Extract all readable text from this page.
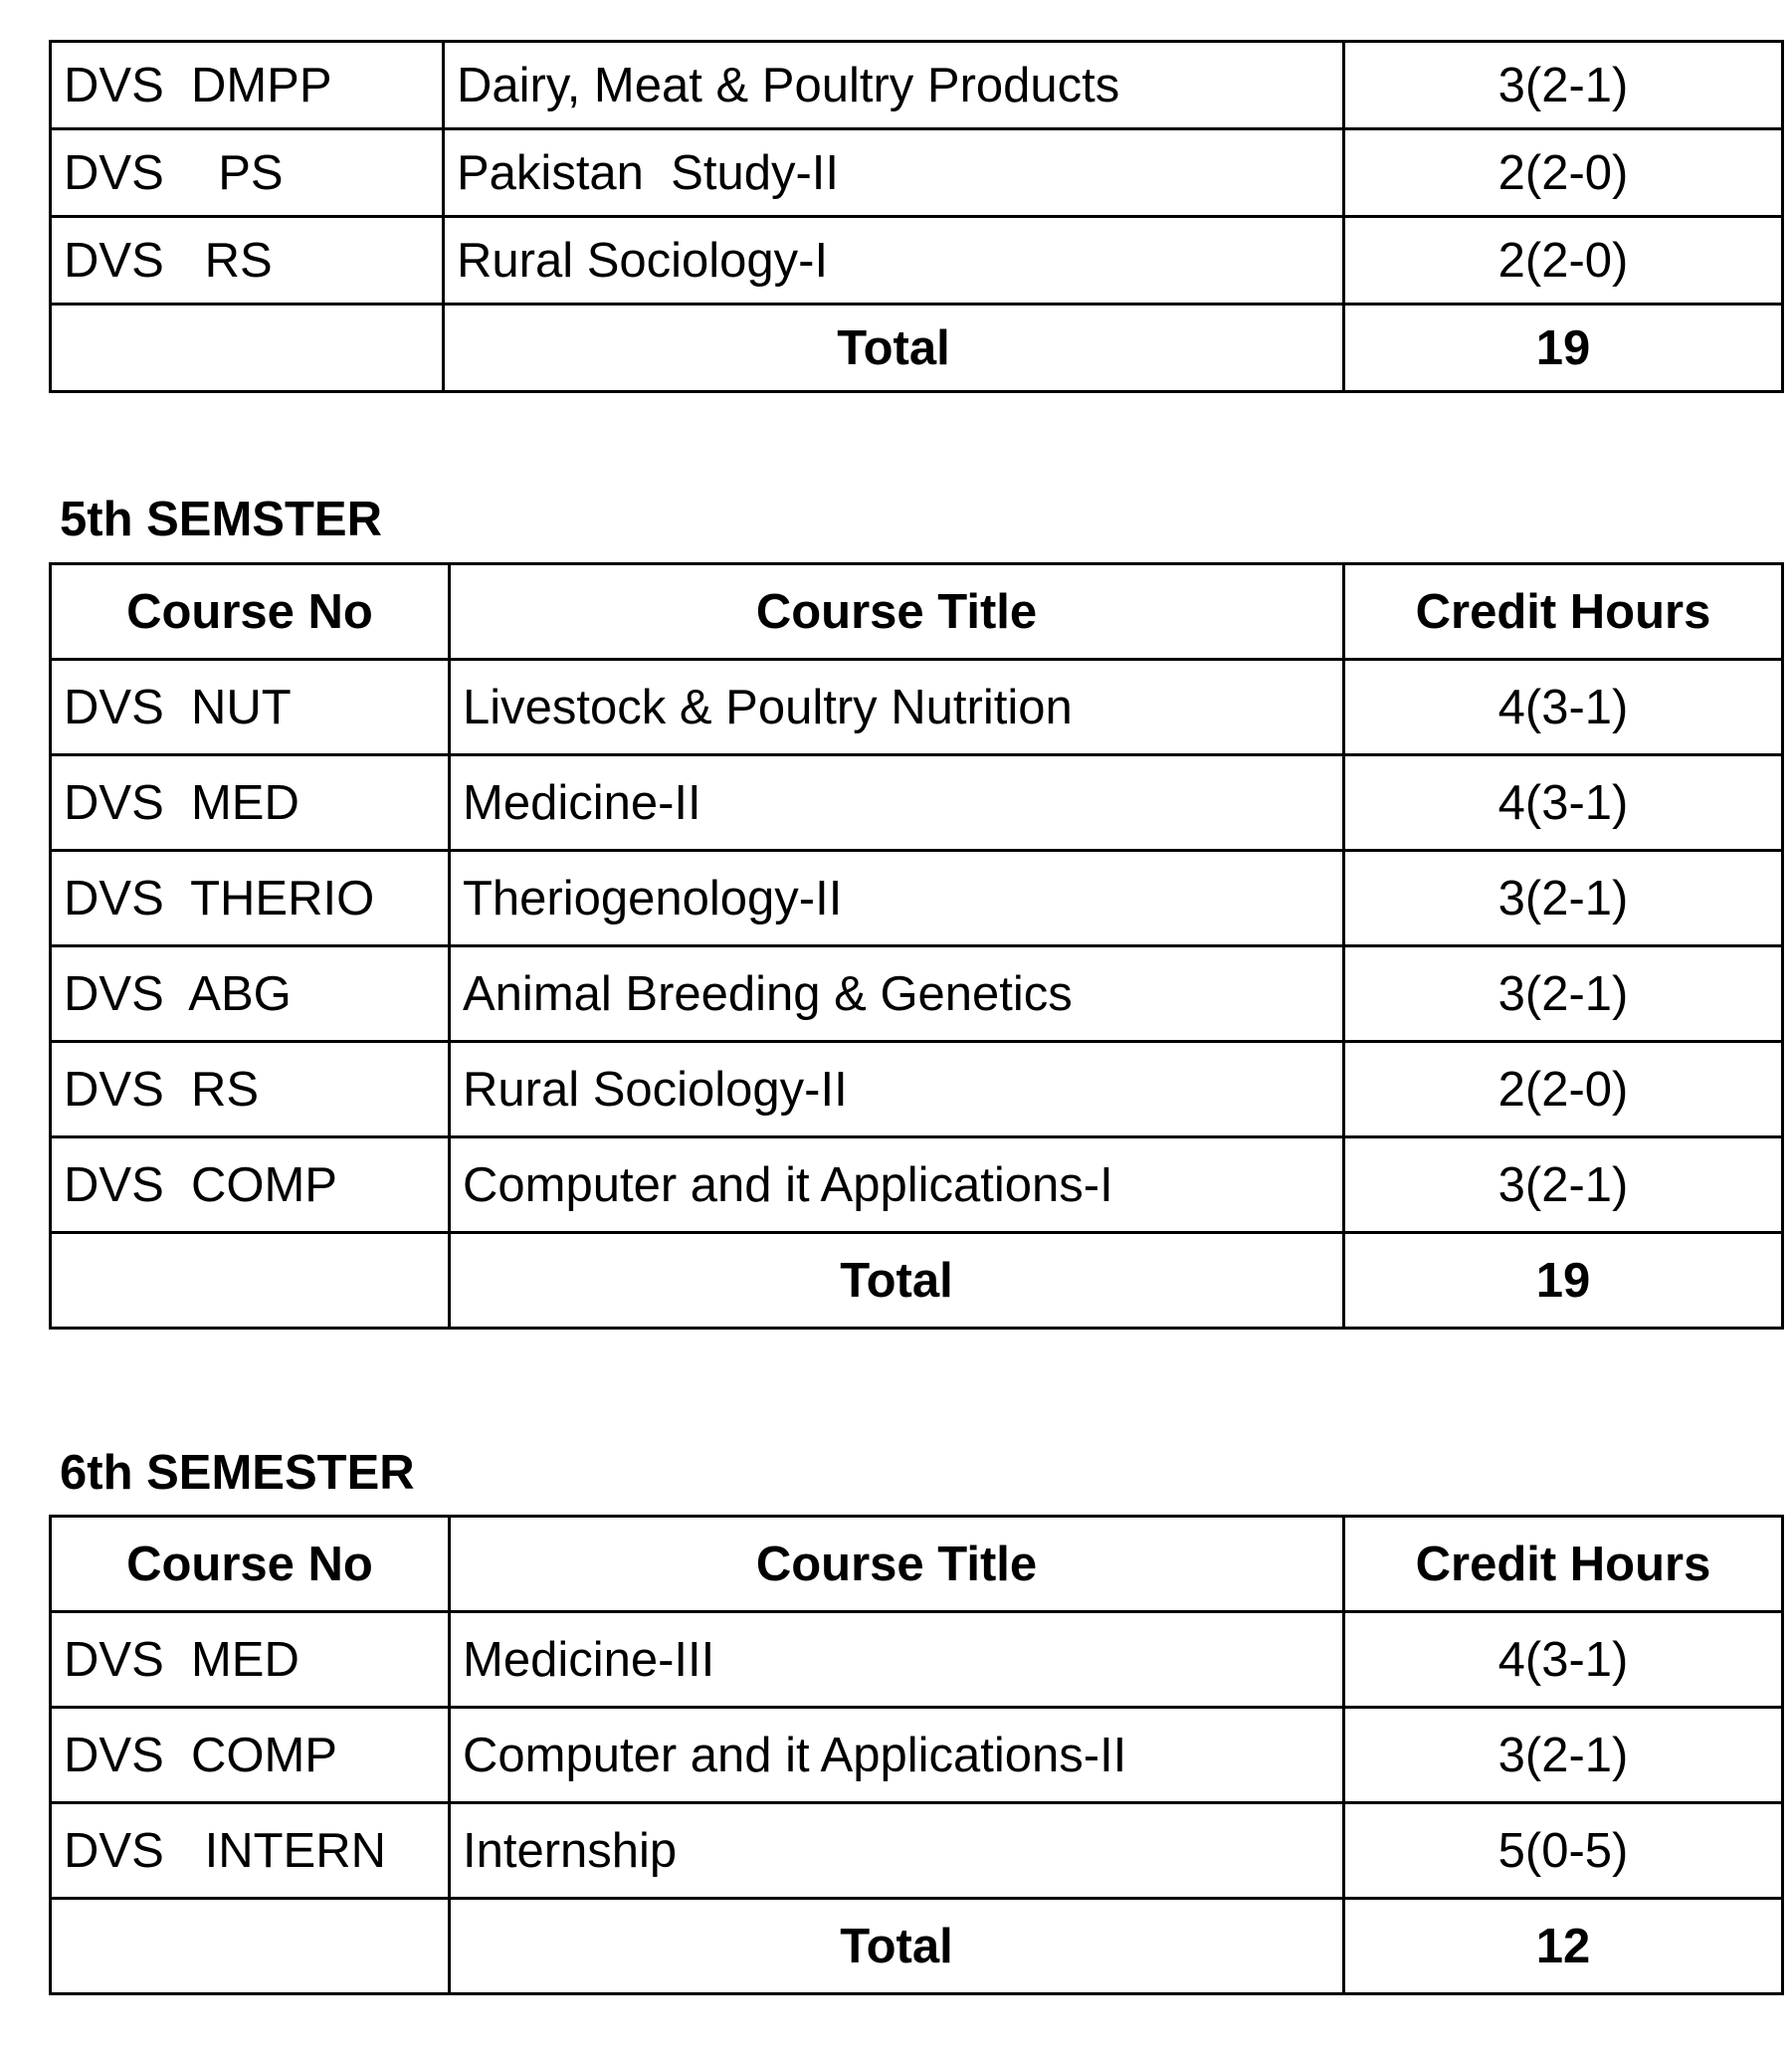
DVS  DMPP	Dairy, Meat & Poultry Products	3(2-1)
DVS    PS	Pakistan  Study-II	2(2-0)
DVS   RS	Rural Sociology-I	2(2-0)
	Total	19
5th SEMSTER
Course No	Course Title	Credit Hours
DVS  NUT	Livestock & Poultry Nutrition	4(3-1)
DVS  MED	Medicine-II	4(3-1)
DVS  THERIO	Theriogenology-II	3(2-1)
DVS  ABG	Animal Breeding & Genetics	3(2-1)
DVS  RS	Rural Sociology-II	2(2-0)
DVS  COMP	Computer and it Applications-I	3(2-1)
	Total	19
6th SEMESTER
Course No	Course Title	Credit Hours
DVS  MED	Medicine-III	4(3-1)
DVS  COMP	Computer and it Applications-II	3(2-1)
DVS   INTERN	Internship	5(0-5)
	Total	12
